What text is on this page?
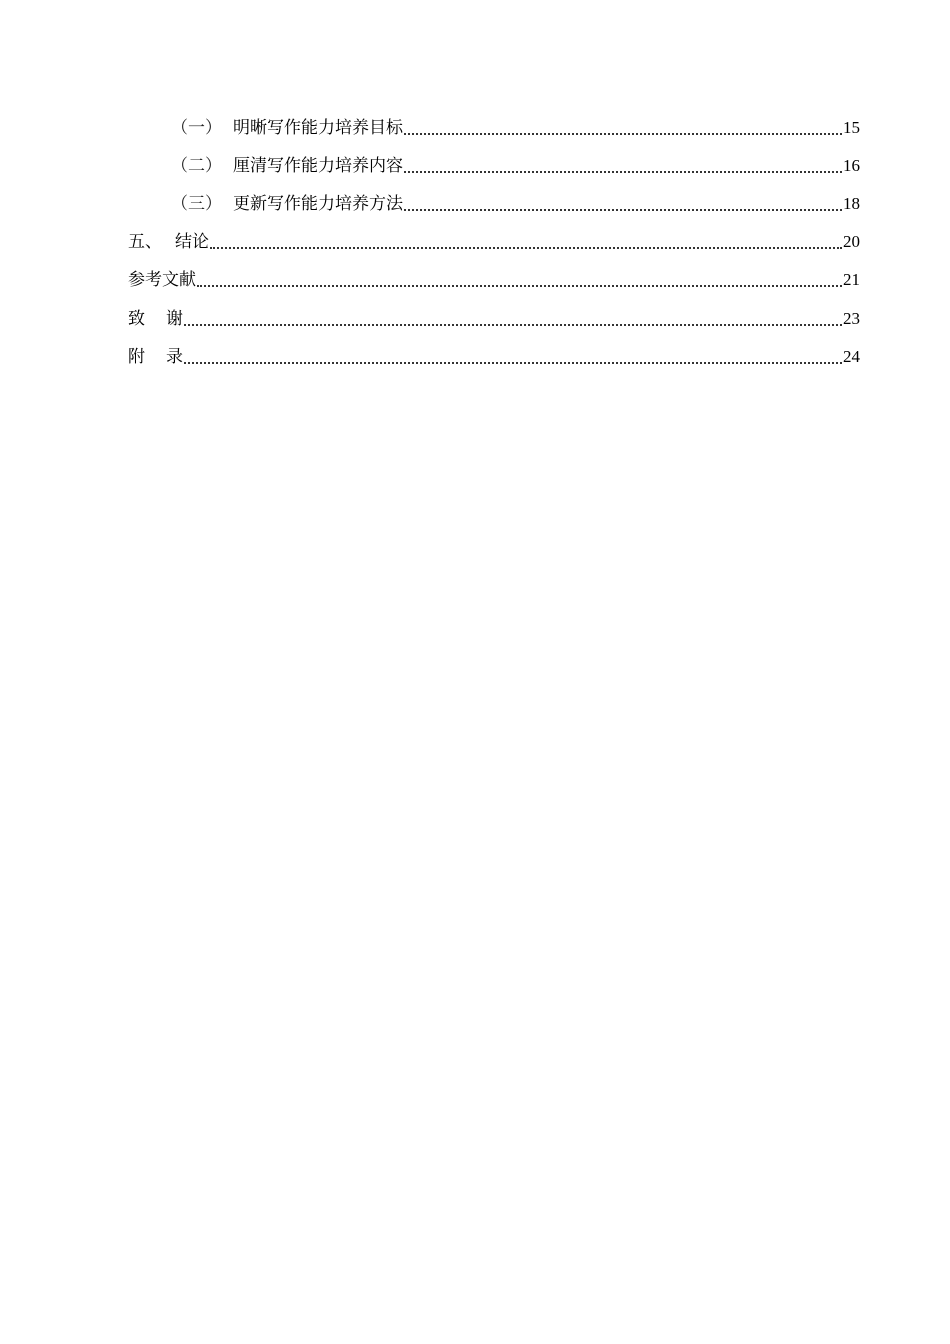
（一） 明晰写作能力培养目标	15
（二） 厘清写作能力培养内容	16
（三） 更新写作能力培养方法	18
五、 结论	20
参考文献	21
致	谢	23
附	录	24
